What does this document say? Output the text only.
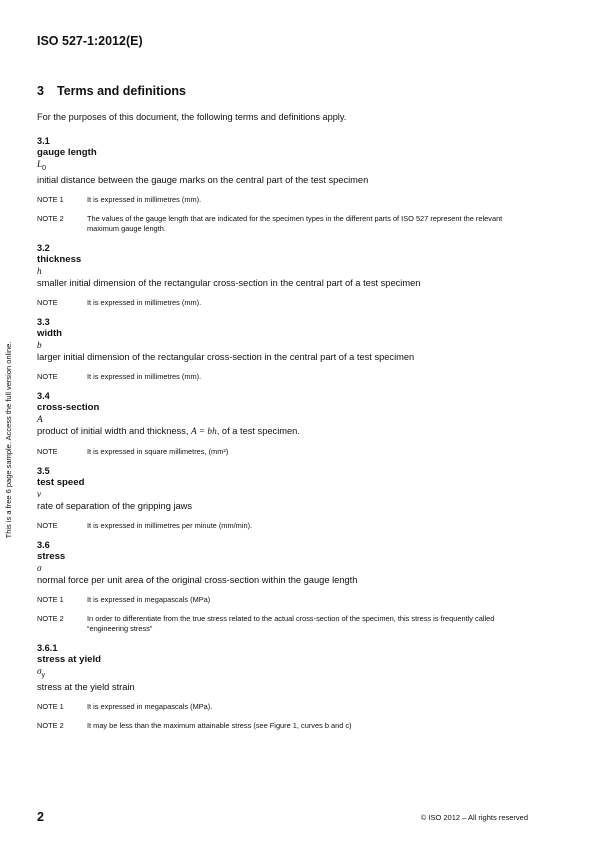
ISO 527-1:2012(E)
This is a free 6 page sample. Access the full version online.
3 Terms and definitions
For the purposes of this document, the following terms and definitions apply.
3.1
gauge length
$L_0$
initial distance between the gauge marks on the central part of the test specimen
NOTE 1	It is expressed in millimetres (mm).
NOTE 2	The values of the gauge length that are indicated for the specimen types in the different parts of ISO 527 represent the relevant maximum gauge length.
3.2
thickness
h
smaller initial dimension of the rectangular cross-section in the central part of a test specimen
NOTE	It is expressed in millimetres (mm).
3.3
width
b
larger initial dimension of the rectangular cross-section in the central part of a test specimen
NOTE	It is expressed in millimetres (mm).
3.4
cross-section
A
product of initial width and thickness, A = bh, of a test specimen.
NOTE	It is expressed in square millimetres, (mm²)
3.5
test speed
v
rate of separation of the gripping jaws
NOTE	It is expressed in millimetres per minute (mm/min).
3.6
stress
σ
normal force per unit area of the original cross-section within the gauge length
NOTE 1	It is expressed in megapascals (MPa)
NOTE 2	In order to differentiate from the true stress related to the actual cross-section of the specimen, this stress is frequently called “engineering stress”
3.6.1
stress at yield
$\sigma_y$
stress at the yield strain
NOTE 1	It is expressed in megapascals (MPa).
NOTE 2	It may be less than the maximum attainable stress (see Figure 1, curves b and c)
2	© ISO 2012 – All rights reserved
